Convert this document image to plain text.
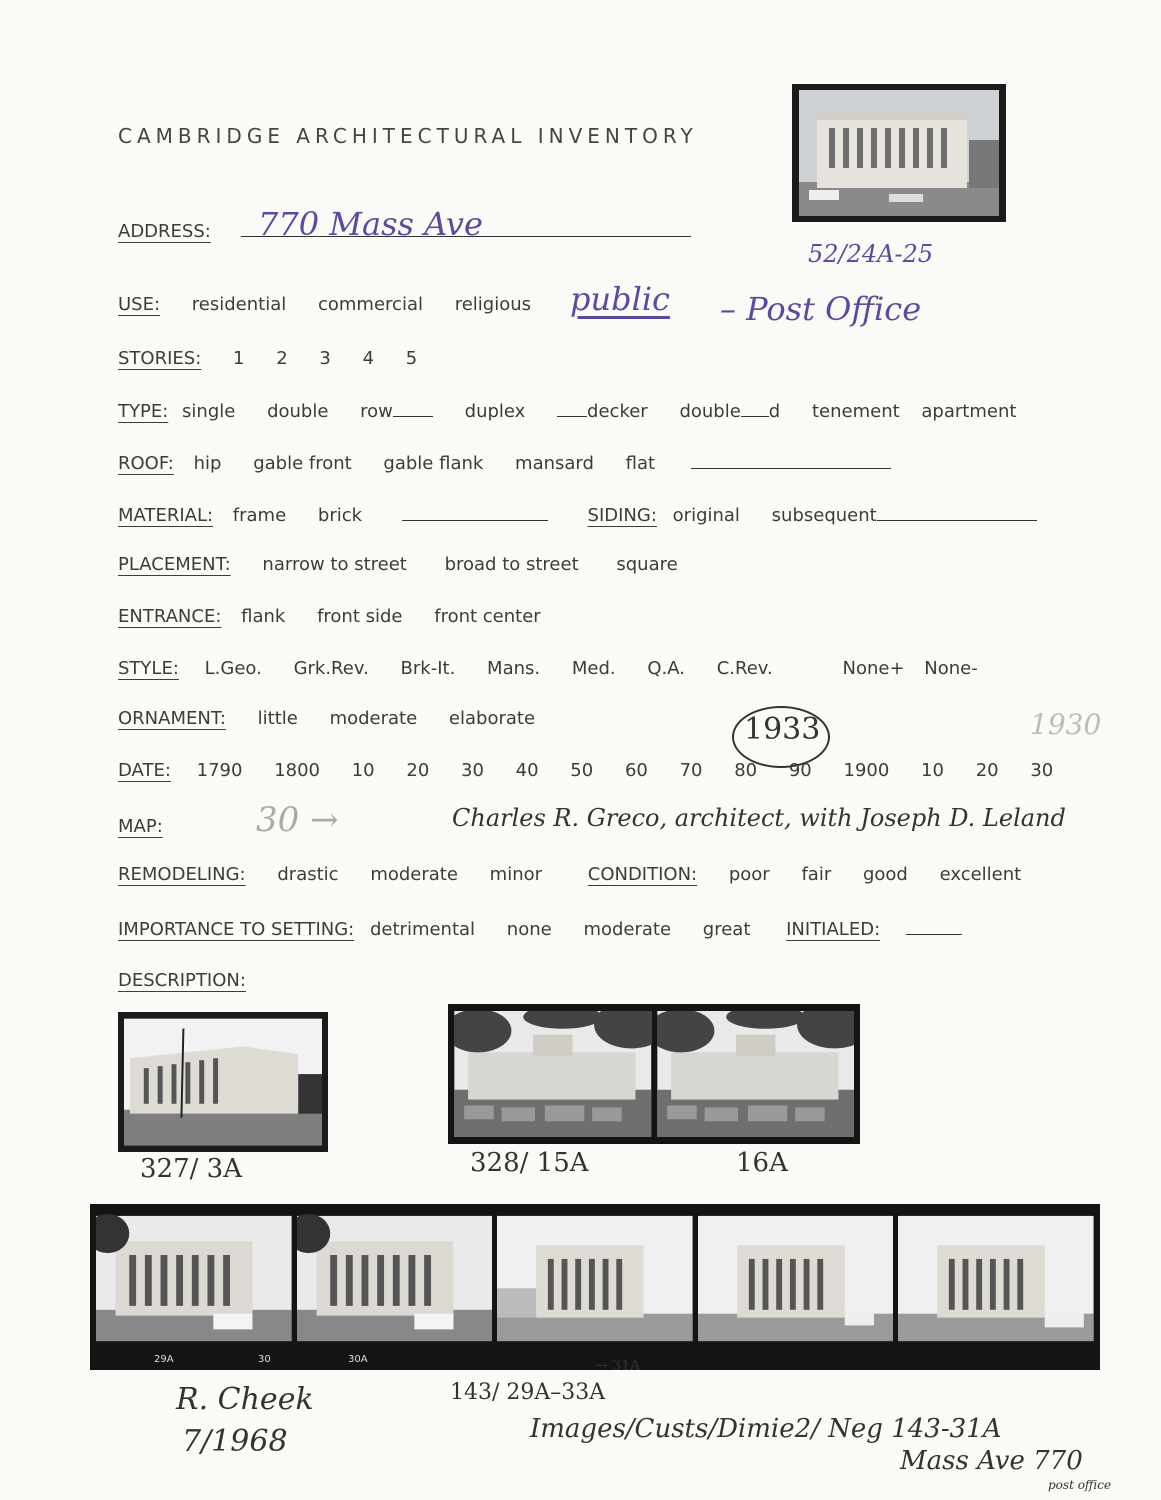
CAMBRIDGE ARCHITECTURAL INVENTORY
ADDRESS:	770 Mass Ave
52/24A-25
USE: residential commercial religious public – Post Office
STORIES: 1 2 3 4 5
TYPE: single double row	duplex	decker double d tenement apartment
ROOF: hip gable front gable flank mansard flat
MATERIAL: frame brick	SIDING: original subsequent
PLACEMENT: narrow to street broad to street square
ENTRANCE: flank front side front center
STYLE: L.Geo. Grk.Rev. Brk-It. Mans. Med. Q.A. C.Rev.	None+ None-
ORNAMENT: little moderate elaborate	1933	1930
DATE: 1790 1800 10 20 30 40 50 60 70 80 90 1900 10 20 30
MAP:	30 →	Charles R. Greco, architect, with Joseph D. Leland
REMODELING: drastic moderate minor	CONDITION: poor fair good excellent
IMPORTANCE TO SETTING: detrimental none moderate great INITIALED:
DESCRIPTION:
327/ 3A	328/ 15A	16A
29A	30	30A	→ 31A
R. Cheek
7/1968
143/ 29A–33A
Images/Custs/Dimie2/ Neg 143-31A
Mass Ave 770
post office
